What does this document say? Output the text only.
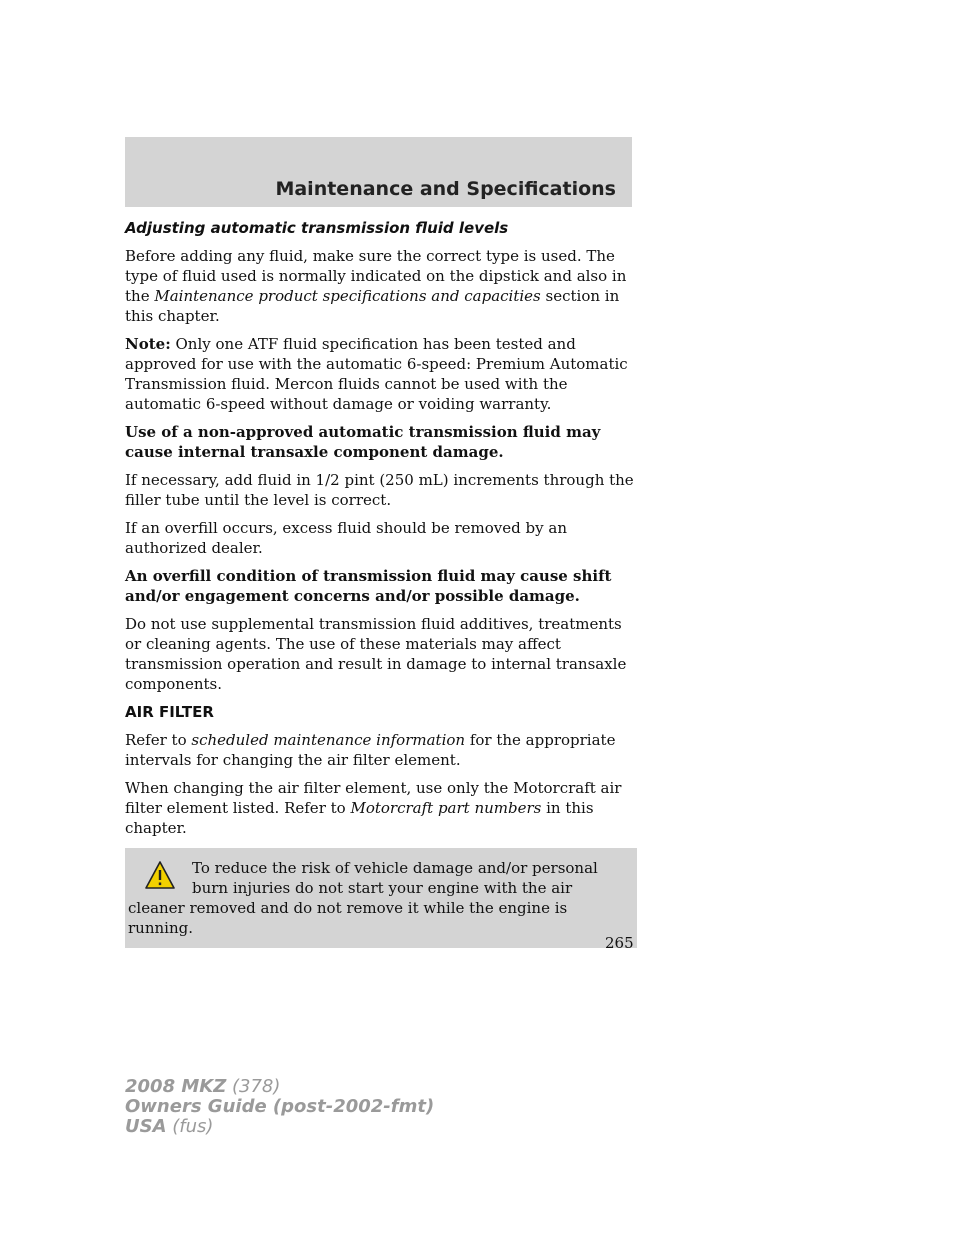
Maintenance and Specifications

Adjusting automatic transmission fluid levels

Before adding any fluid, make sure the correct type is used. The type of fluid used is normally indicated on the dipstick and also in the Maintenance product specifications and capacities section in this chapter.

Note: Only one ATF fluid specification has been tested and approved for use with the automatic 6-speed: Premium Automatic Transmission fluid. Mercon fluids cannot be used with the automatic 6-speed without damage or voiding warranty.

Use of a non-approved automatic transmission fluid may cause internal transaxle component damage.

If necessary, add fluid in 1/2 pint (250 mL) increments through the filler tube until the level is correct.

If an overfill occurs, excess fluid should be removed by an authorized dealer.

An overfill condition of transmission fluid may cause shift and/or engagement concerns and/or possible damage.

Do not use supplemental transmission fluid additives, treatments or cleaning agents. The use of these materials may affect transmission operation and result in damage to internal transaxle components.

AIR FILTER

Refer to scheduled maintenance information for the appropriate intervals for changing the air filter element.

When changing the air filter element, use only the Motorcraft air filter element listed. Refer to Motorcraft part numbers in this chapter.

To reduce the risk of vehicle damage and/or personal burn injuries do not start your engine with the air cleaner removed and do not remove it while the engine is running.
265
2008 MKZ (378)
Owners Guide (post-2002-fmt)
USA (fus)
